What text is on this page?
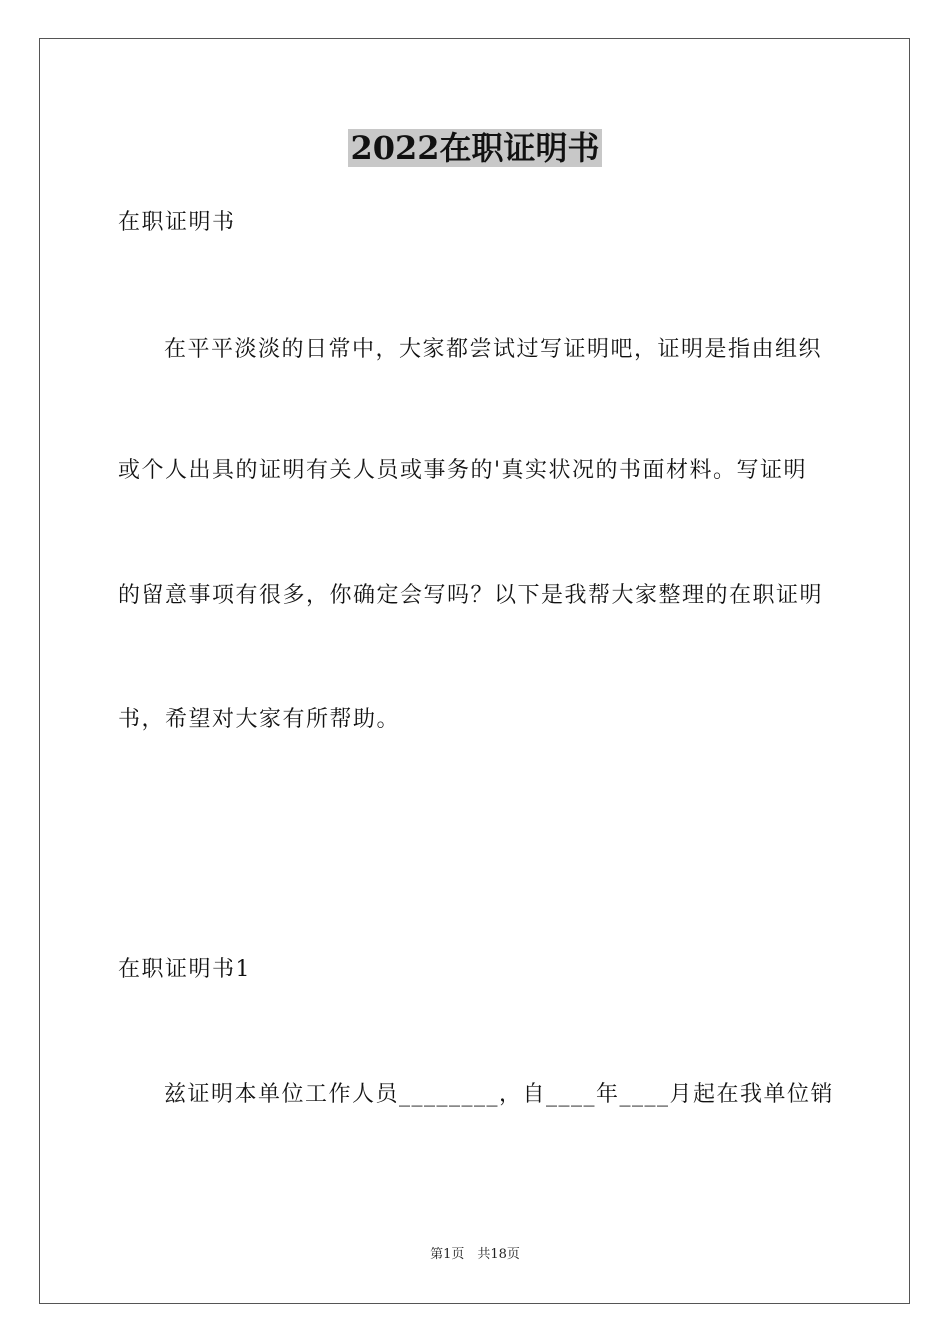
2022在职证明书
在职证明书
在平平淡淡的日常中，大家都尝试过写证明吧，证明是指由组织
或个人出具的证明有关人员或事务的'真实状况的书面材料。写证明
的留意事项有很多，你确定会写吗？以下是我帮大家整理的在职证明
书，希望对大家有所帮助。
在职证明书1
兹证明本单位工作人员________，自____年____月起在我单位销
第1页　共18页
